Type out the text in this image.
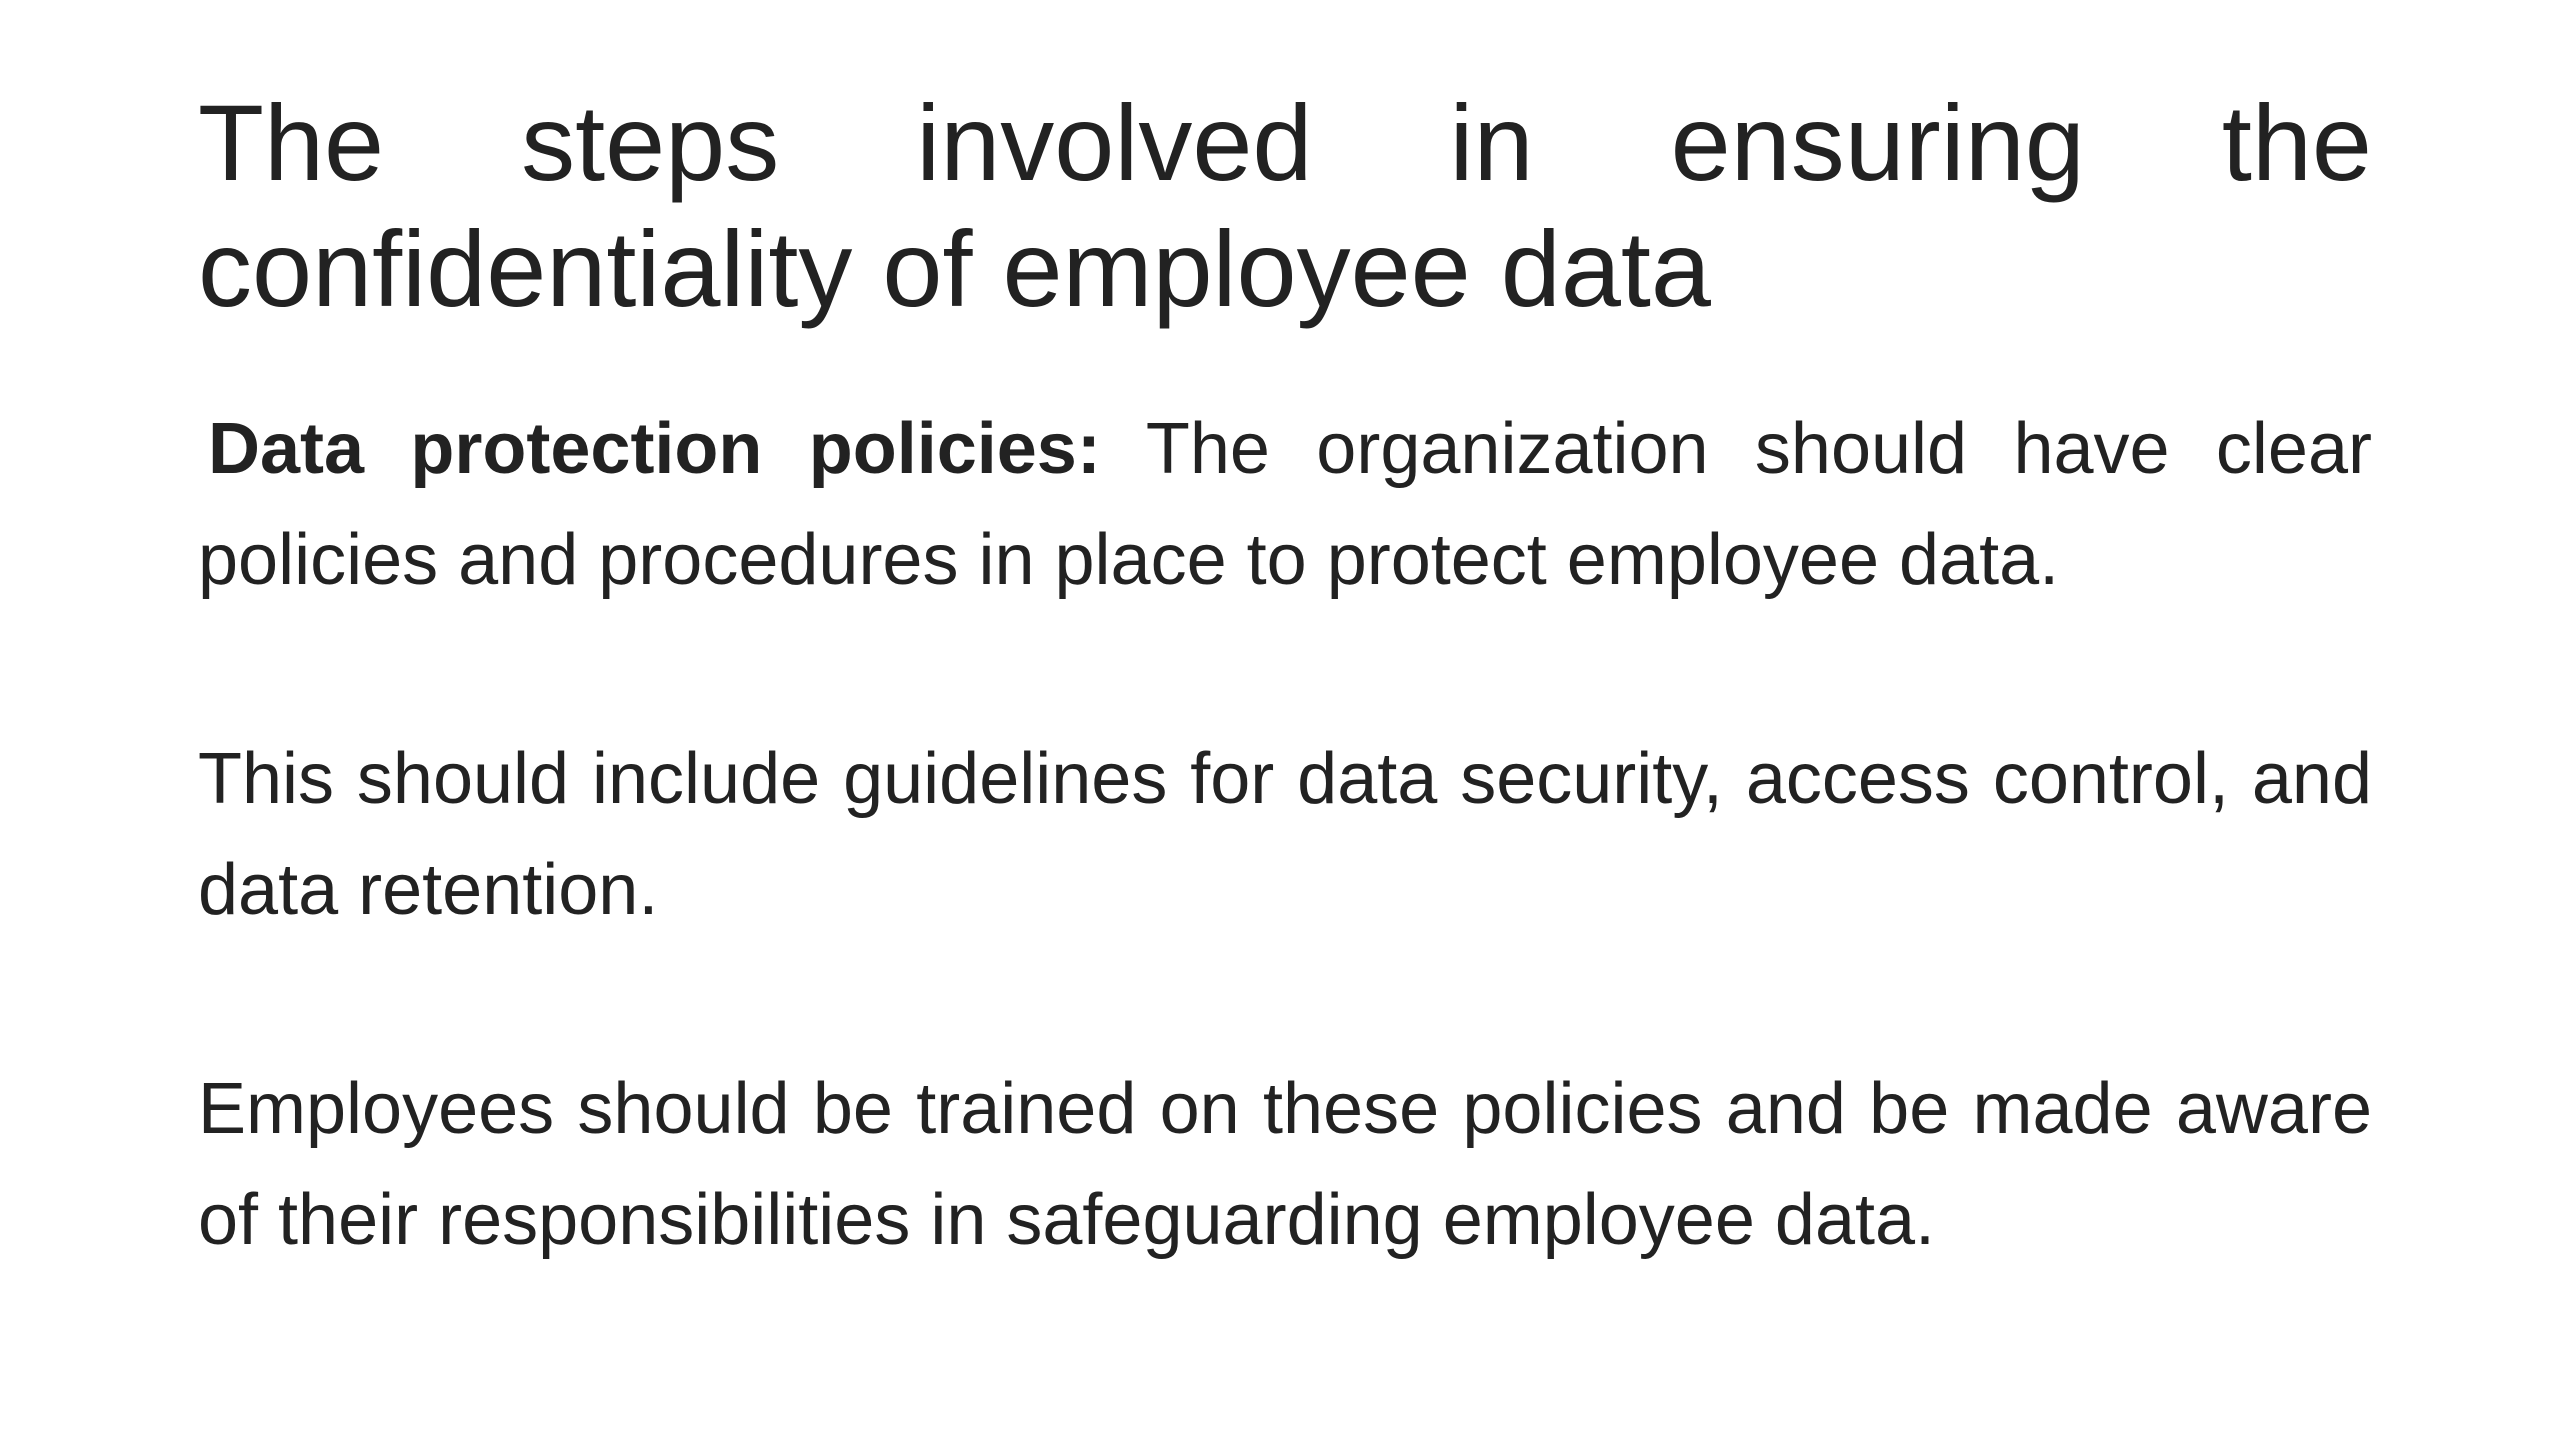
The steps involved in ensuring the confidentiality of employee data

Data protection policies: The organization should have clear policies and procedures in place to protect employee data.

This should include guidelines for data security, access control, and data retention.

Employees should be trained on these policies and be made aware of their responsibilities in safeguarding employee data.
